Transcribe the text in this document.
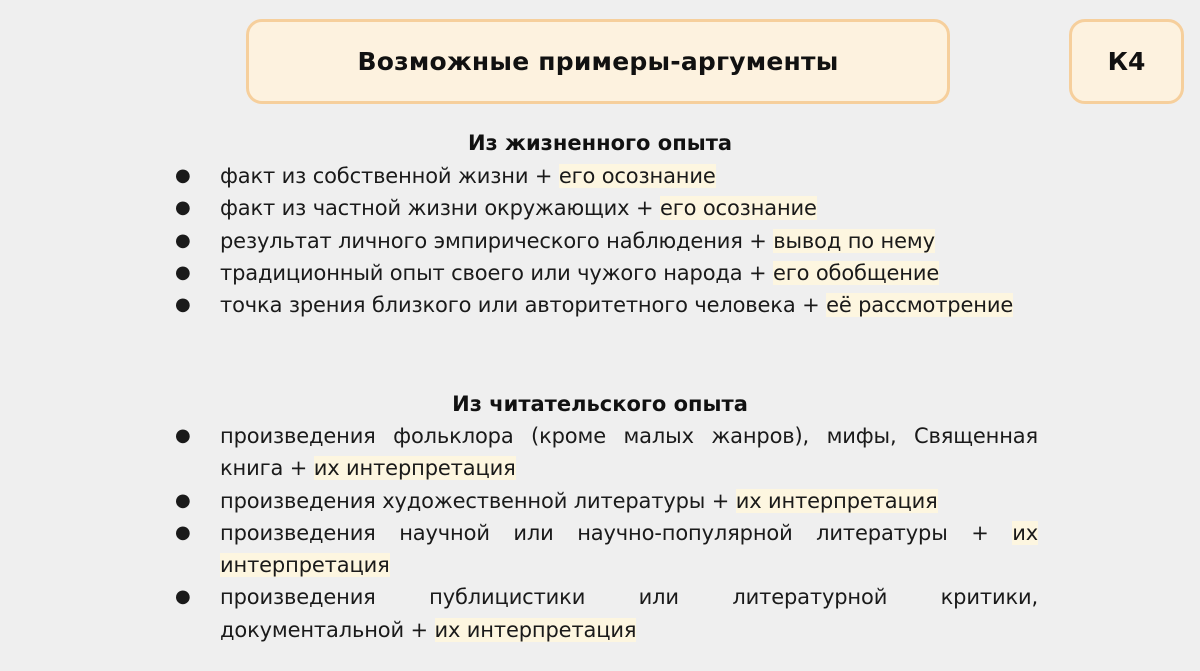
Возможные примеры-аргументы	К4
Из жизненного опыта
● факт из собственной жизни + его осознание
● факт из частной жизни окружающих + его осознание
● результат личного эмпирического наблюдения + вывод по нему
● традиционный опыт своего или чужого народа + его обобщение
● точка зрения близкого или авторитетного человека + её рассмотрение
Из читательского опыта
● произведения фольклора (кроме малых жанров), мифы, Священная книга + их интерпретация
● произведения художественной литературы + их интерпретация
● произведения научной или научно-популярной литературы + их интерпретация
● произведения публицистики или литературной критики, документальной + их интерпретация
